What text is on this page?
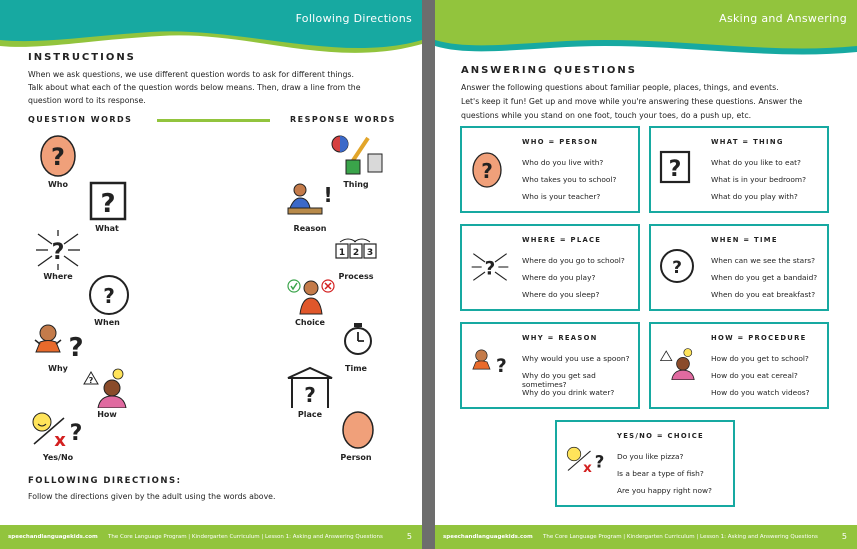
Following Directions
INSTRUCTIONS
When we ask questions, we use different question words to ask for different things.
Talk about what each of the question words below means. Then, draw a line from the
question word to its response.
QUESTION WORDS	RESPONSE WORDS
?
Who
?
What
?
Where
?
When
?
Why
?
How
x ?
Yes/No
Thing
!
Reason
1 2 3
Process
Choice
Time
?
Place
Person
FOLLOWING DIRECTIONS:
Follow the directions given by the adult using the words above.
speechandlanguagekids.com The Core Language Program | Kindergarten Curriculum | Lesson 1: Asking and Answering Questions	5
Asking and Answering
ANSWERING QUESTIONS
Answer the following questions about familiar people, places, things, and events.
Let's keep it fun! Get up and move while you're answering these questions. Answer the
questions while you stand on one foot, touch your toes, do a push up, etc.
?
WHO = PERSON
Who do you live with?
Who takes you to school?
Who is your teacher?
?
WHAT = THING
What do you like to eat?
What is in your bedroom?
What do you play with?
?
WHERE = PLACE
Where do you go to school?
Where do you play?
Where do you sleep?
?
WHEN = TIME
When can we see the stars?
When do you get a bandaid?
When do you eat breakfast?
?
WHY = REASON
Why would you use a spoon?
Why do you get sad sometimes?
Why do you drink water?
HOW = PROCEDURE
How do you get to school?
How do you eat cereal?
How do you watch videos?
x ?
YES/NO = CHOICE
Do you like pizza?
Is a bear a type of fish?
Are you happy right now?
speechandlanguagekids.com The Core Language Program | Kindergarten Curriculum | Lesson 1: Asking and Answering Questions	5
